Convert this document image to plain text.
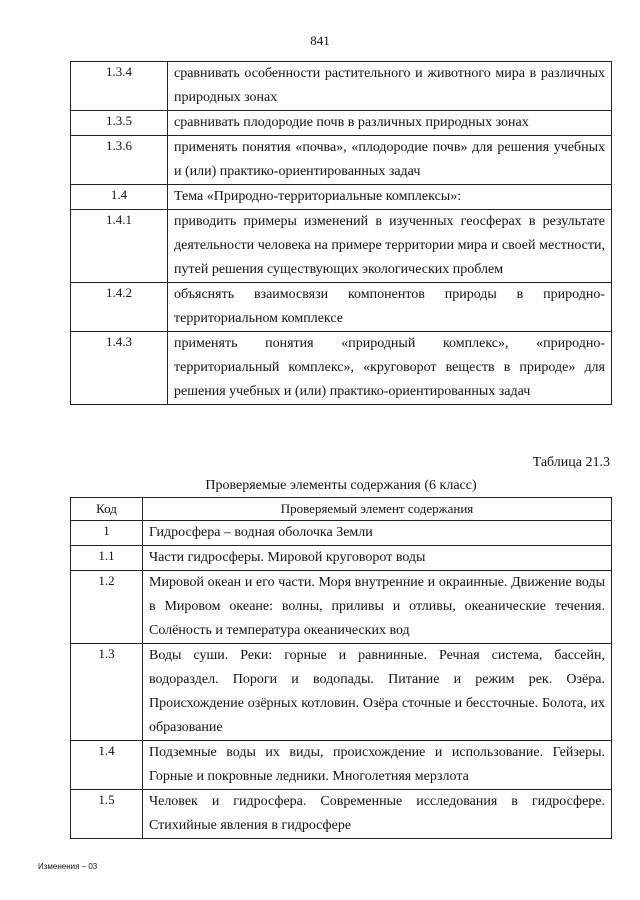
841
1.3.4	сравнивать особенности растительного и животного мира в различных природных зонах
1.3.5	сравнивать плодородие почв в различных природных зонах
1.3.6	применять понятия «почва», «плодородие почв» для решения учебных и (или) практико-ориентированных задач
1.4	Тема «Природно-территориальные комплексы»:
1.4.1	приводить примеры изменений в изученных геосферах в результате деятельности человека на примере территории мира и своей местности, путей решения существующих экологических проблем
1.4.2	объяснять взаимосвязи компонентов природы в природно-территориальном комплексе
1.4.3	применять понятия «природный комплекс», «природно-территориальный комплекс», «круговорот веществ в природе» для решения учебных и (или) практико-ориентированных задач
Таблица 21.3
Проверяемые элементы содержания (6 класс)
Код	Проверяемый элемент содержания
1	Гидросфера – водная оболочка Земли
1.1	Части гидросферы. Мировой круговорот воды
1.2	Мировой океан и его части. Моря внутренние и окраинные. Движение воды в Мировом океане: волны, приливы и отливы, океанические течения. Солёность и температура океанических вод
1.3	Воды суши. Реки: горные и равнинные. Речная система, бассейн, водораздел. Пороги и водопады. Питание и режим рек. Озёра. Происхождение озёрных котловин. Озёра сточные и бессточные. Болота, их образование
1.4	Подземные воды их виды, происхождение и использование. Гейзеры. Горные и покровные ледники. Многолетняя мерзлота
1.5	Человек и гидросфера. Современные исследования в гидросфере. Стихийные явления в гидросфере
Изменения – 03
